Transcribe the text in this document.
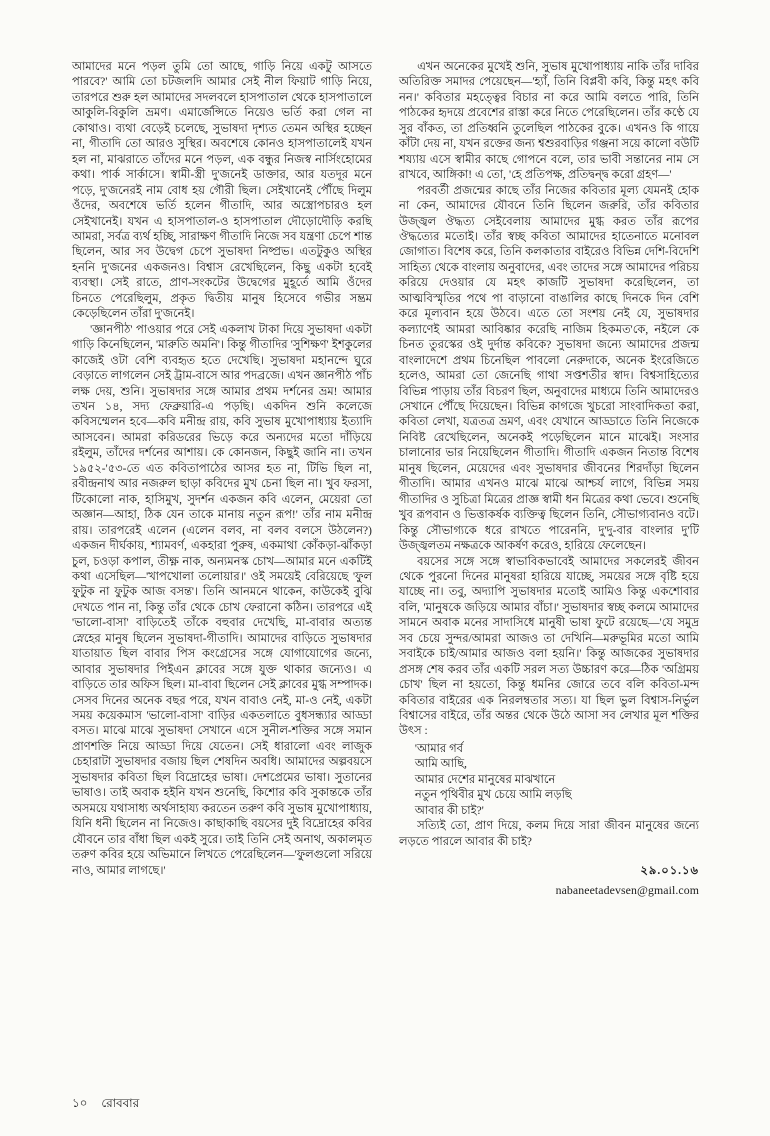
আমাদের মনে পড়ল তুমি তো আছে, গাড়ি নিয়ে একটু আসতে পারবে?' আমি তো চটজলদি আমার সেই নীল ফিয়াট গাড়ি নিয়ে, তারপরে শুরু হল আমাদের সদলবলে হাসপাতাল থেকে হাসপাতালে আকুলি-বিকুলি ভ্রমণ। এমার্জেন্সিতে নিয়েও ভর্তি করা গেল না কোথাও। ব্যথা বেড়েই চলেছে, সুভাষদা দৃশ্যত তেমন অস্থির হচ্ছেন না, গীতাদি তো আরও সুস্থির। অবশেষে কোনও হাসপাতালেই যখন হল না, মাঝরাতে তাঁদের মনে পড়ল, এক বন্ধুর নিজস্ব নার্সিংহোমের কথা। পার্ক সার্কাসে। স্বামী-স্ত্রী দু'জনেই ডাক্তার, আর যতদূর মনে পড়ে, দু'জনেরই নাম বোধ হয় গৌরী ছিল। সেইখানেই পৌঁছে দিলুম ওঁদের, অবশেষে ভর্তি হলেন গীতাদি, আর অস্ত্রোপচারও হল সেইখানেই। যখন এ হাসপাতাল-ও হাসপাতাল দৌড়োদৌড়ি করছি আমরা, সর্বত্র ব্যর্থ হচ্ছি, সারাক্ষণ গীতাদি নিজে সব যন্ত্রণা চেপে শান্ত ছিলেন, আর সব উদ্বেগ চেপে সুভাষদা নিষ্প্রভ। এতটুকুও অস্থির হননি দু'জনের একজনও। বিশ্বাস রেখেছিলেন, কিছু একটা হবেই ব্যবস্থা। সেই রাতে, প্রাণ-সংকটের উদ্বেগের মুহূর্তে আমি ওঁদের চিনতে পেরেছিলুম, প্রকৃত দ্বিতীয় মানুষ হিসেবে গভীর সম্ভ্রম কেড়েছিলেন তাঁরা দু'জনেই।

'জ্ঞানপীঠ' পাওয়ার পরে সেই একলাখ টাকা দিয়ে সুভাষদা একটা গাড়ি কিনেছিলেন, 'মারুতি অমনি'। কিন্তু গীতাদির 'সুশিক্ষণ' ইশকুলের কাজেই ওটা বেশি ব্যবহৃত হতে দেখেছি। সুভাষদা মহানন্দে ঘুরে বেড়াতে লাগলেন সেই ট্রাম-বাসে আর পদব্রজে। এখন জ্ঞানপীঠ পাঁচ লক্ষ দেয়, শুনি। সুভাষদার সঙ্গে আমার প্রথম দর্শনের ভ্রম! আমার তখন ১৪, সদ্য ফেব্রুয়ারি-এ পড়ছি। একদিন শুনি কলেজে কবিসম্মেলন হবে—কবি মনীন্দ্র রায়, কবি সুভাষ মুখোপাধ্যায় ইত্যাদি আসবেন। আমরা করিডরের ভিড়ে করে অন্যদের মতো দাঁড়িয়ে রইলুম, তাঁদের দর্শনের আশায়। কে কোনজন, কিছুই জানি না। তখন ১৯৫২-'৫৩-তে এত কবিতাপাঠের আসর হত না, টিভি ছিল না, রবীন্দ্রনাথ আর নজরুল ছাড়া কবিদের মুখ চেনা ছিল না। খুব ফরসা, টিকোলো নাক, হাসিমুখ, সুদর্শন একজন কবি এলেন, মেয়েরা তো অজ্ঞান—আহা, ঠিক যেন তাকে মানায় নতুন রূপ!' তাঁর নাম মনীন্দ্র রায়। তারপরেই এলেন (এলেন বলব, না বলব বলসে উঠলেন?) একজন দীর্ঘকায়, শ্যামবর্ণ, একহারা পুরুষ, একমাথা কোঁকড়া-ঝাঁকড়া চুল, চওড়া কপাল, তীক্ষ্ণ নাক, অন্যমনস্ক চোখ—আমার মনে একটিই কথা এসেছিল—'খাপখোলা তলোয়ার।' ওই সময়েই বেরিয়েছে 'ফুল ফুটুক না ফুটুক আজ বসন্ত'। তিনি আনমনে থাকেন, কাউকেই বুঝি দেখতে পান না, কিন্তু তাঁর থেকে চোখ ফেরানো কঠিন। তারপরে এই 'ভালো-বাসা' বাড়িতেই তাঁকে বহুবার দেখেছি, মা-বাবার অত্যন্ত স্নেহের মানুষ ছিলেন সুভাষদা-গীতাদি। আমাদের বাড়িতে সুভাষদার যাতায়াত ছিল বাবার পিস কংগ্রেসের সঙ্গে যোগাযোগের জন্যে, আবার সুভাষদার পিইএন ক্লাবের সঙ্গে যুক্ত থাকার জন্যেও। এ বাড়িতে তার অফিস ছিল। মা-বাবা ছিলেন সেই ক্লাবের মুগ্ধ সম্পাদক। সেসব দিনের অনেক বছর পরে, যখন বাবাও নেই, মা-ও নেই, একটা সময় কয়েকমাস 'ভালো-বাসা' বাড়ির একতলাতে বুধসন্ধ্যার আড্ডা বসত। মাঝে মাঝে সুভাষদা সেখানে এসে সুনীল-শক্তির সঙ্গে সমান প্রাণশক্তি নিয়ে আড্ডা দিয়ে যেতেন। সেই ধারালো এবং লাজুক চেহারাটা সুভাষদার বজায় ছিল শেষদিন অবধি। আমাদের অল্পবয়সে সুভাষদার কবিতা ছিল বিদ্রোহের ভাষা। দেশপ্রেমের ভাষা। সুতানের ভাষাও। তাই অবাক হইনি যখন শুনেছি, কিশোর কবি সুকান্তকে তাঁর অসময়ে যথাসাধ্য অর্থসাহায্য করতেন তরুণ কবি সুভাষ মুখোপাধ্যায়, যিনি ধনী ছিলেন না নিজেও। কাছাকাছি বয়সের দুই বিদ্রোহের কবির যৌবনে তার বাঁধা ছিল একই সুরে। তাই তিনি সেই অনাথ, অকালমৃত তরুণ কবির হয়ে অভিমানে লিখতে পেরেছিলেন—'ফুলগুলো সরিয়ে নাও, আমার লাগছে।'

এখন অনেকের মুখেই শুনি, সুভাষ মুখোপাধ্যায় নাকি তাঁর দাবির অতিরিক্ত সমাদর পেয়েছেন—'হ্যাঁ, তিনি বিপ্লবী কবি, কিন্তু মহৎ কবি নন।' কবিতার মহত্ত্বের বিচার না করে আমি বলতে পারি, তিনি পাঠকের হৃদয়ে প্রবেশের রাস্তা করে নিতে পেরেছিলেন। তাঁর কণ্ঠে যে সুর বাঁকত, তা প্রতিধ্বনি তুলেছিল পাঠকের বুকে। এখনও কি গায়ে কাঁটা দেয় না, যখন রক্তের জন্য শ্বশুরবাড়ির গঞ্জনা সয়ে কালো বউটি শয্যায় এসে স্বামীর কাছে গোপনে বলে, তার ভাবী সন্তানের নাম সে রাখবে, আঙ্গিকা! এ তো, 'হে প্রতিপক্ষ, প্রতিদ্বন্দ্ব করো গ্রহণ—'

পরবর্তী প্রজন্মের কাছে তাঁর নিজের কবিতার মূল্য যেমনই হোক না কেন, আমাদের যৌবনে তিনি ছিলেন জরুরি, তাঁর কবিতার উজ্জ্বল ঔদ্ধত্য সেইবেলায় আমাদের মুগ্ধ করত তাঁর রূপের ঔদ্ধত্যের মতোই। তাঁর স্বচ্ছ কবিতা আমাদের হাতেনাতে মনোবল জোগাত। বিশেষ করে, তিনি কলকাতার বাইরেও বিভিন্ন দেশি-বিদেশি সাহিত্য থেকে বাংলায় অনুবাদের, এবং তাদের সঙ্গে আমাদের পরিচয় করিয়ে দেওয়ার যে মহৎ কাজটি সুভাষদা করেছিলেন, তা আত্মবিস্মৃতির পথে পা বাড়ানো বাঙালির কাছে দিনকে দিন বেশি করে মূল্যবান হয়ে উঠবে। এতে তো সংশয় নেই যে, সুভাষদার কল্যাণেই আমরা আবিষ্কার করেছি নাজিম হিকমত'কে, নইলে কে চিনত তুরস্কের ওই দুর্দান্ত কবিকে? সুভাষদা জন্যে আমাদের প্রজন্ম বাংলাদেশে প্রথম চিনেছিল পাবলো নেরুদাকে, অনেক ইংরেজিতে হলেও, আমরা তো জেনেছি গাথা সপ্তশতীর স্বাদ। বিশ্বসাহিত্যের বিভিন্ন পাড়ায় তাঁর বিচরণ ছিল, অনুবাদের মাধ্যমে তিনি আমাদেরও সেখানে পৌঁছে দিয়েছেন। বিভিন্ন কাগজে খুচরো সাংবাদিকতা করা, কবিতা লেখা, যত্রতত্র ভ্রমণ, এবং যেখানে আড্ডাতে তিনি নিজেকে নিবিষ্ট রেখেছিলেন, অনেকই পড়েছিলেন মানে মাঝেই। সংসার চালানোর ভার নিয়েছিলেন গীতাদি। গীতাদি একজন নিতান্ত বিশেষ মানুষ ছিলেন, মেয়েদের এবং সুভাষদার জীবনের শিরদাঁড়া ছিলেন গীতাদি। আমার এখনও মাঝে মাঝে আশ্চর্য লাগে, বিভিন্ন সময় গীতাদির ও সুচিত্রা মিত্রের প্রাজ্ঞ স্বামী ধন মিত্রের কথা ভেবে। শুনেছি খুব রূপবান ও ভিত্তাকর্ষক ব্যক্তিত্ব ছিলেন তিনি, সৌভাগ্যবানও বটে। কিন্তু সৌভাগ্যকে ধরে রাখতে পারেননি, দু'দু-বার বাংলার দু'টি উজ্জ্বলতম নক্ষত্রকে আকর্ষণ করেও, হারিয়ে ফেলেছেন।

বয়সের সঙ্গে সঙ্গে স্বাভাবিকভাবেই আমাদের সকলেরই জীবন থেকে পুরনো দিনের মানুষরা হারিয়ে যাচ্ছে, সময়ের সঙ্গে বৃষ্টি হয়ে যাচ্ছে না। তবু, অদ্যাপি সুভাষদার মতোই আমিও কিন্তু একশোবার বলি, 'মানুষকে জড়িয়ে আমার বাঁচা।' সুভাষদার স্বচ্ছ কলমে আমাদের সামনে অবাক মনের সাদাসিধে মানুষী ভাষা ফুটে রয়েছে—'যে সমুদ্র সব চেয়ে সুন্দর/আমরা আজও তা দেখিনি—মরুভূমির মতো আমি সবাইকে চাই/আমার আজও বলা হয়নি।' কিন্তু আজকের সুভাষদার প্রসঙ্গ শেষ করব তাঁর একটি সরল সত্য উচ্চারণ করে—ঠিক 'অগ্রিময় চোখ' ছিল না হয়তো, কিন্তু ধমনির জোরে তবে বলি কবিতা-মন্দ কবিতার বাইরের এক নিরলম্বতার সত্য। যা ছিল ভুল বিশ্বাস-নির্ভুল বিশ্বাসের বাইরে, তাঁর অন্তর থেকে উঠে আসা সব লেখার মূল শক্তির উৎস :

'আমার গর্ব
আমি আছি,
আমার দেশের মানুষের মাঝখানে
নতুন পৃথিবীর মুখ চেয়ে আমি লড়ছি
আবার কী চাই?'

সত্যিই তো, প্রাণ দিয়ে, কলম দিয়ে সারা জীবন মানুষের জন্যে লড়তে পারলে আবার কী চাই?

২৯.০১.১৬
nabaneetadevsen@gmail.com
১০ রোববার
